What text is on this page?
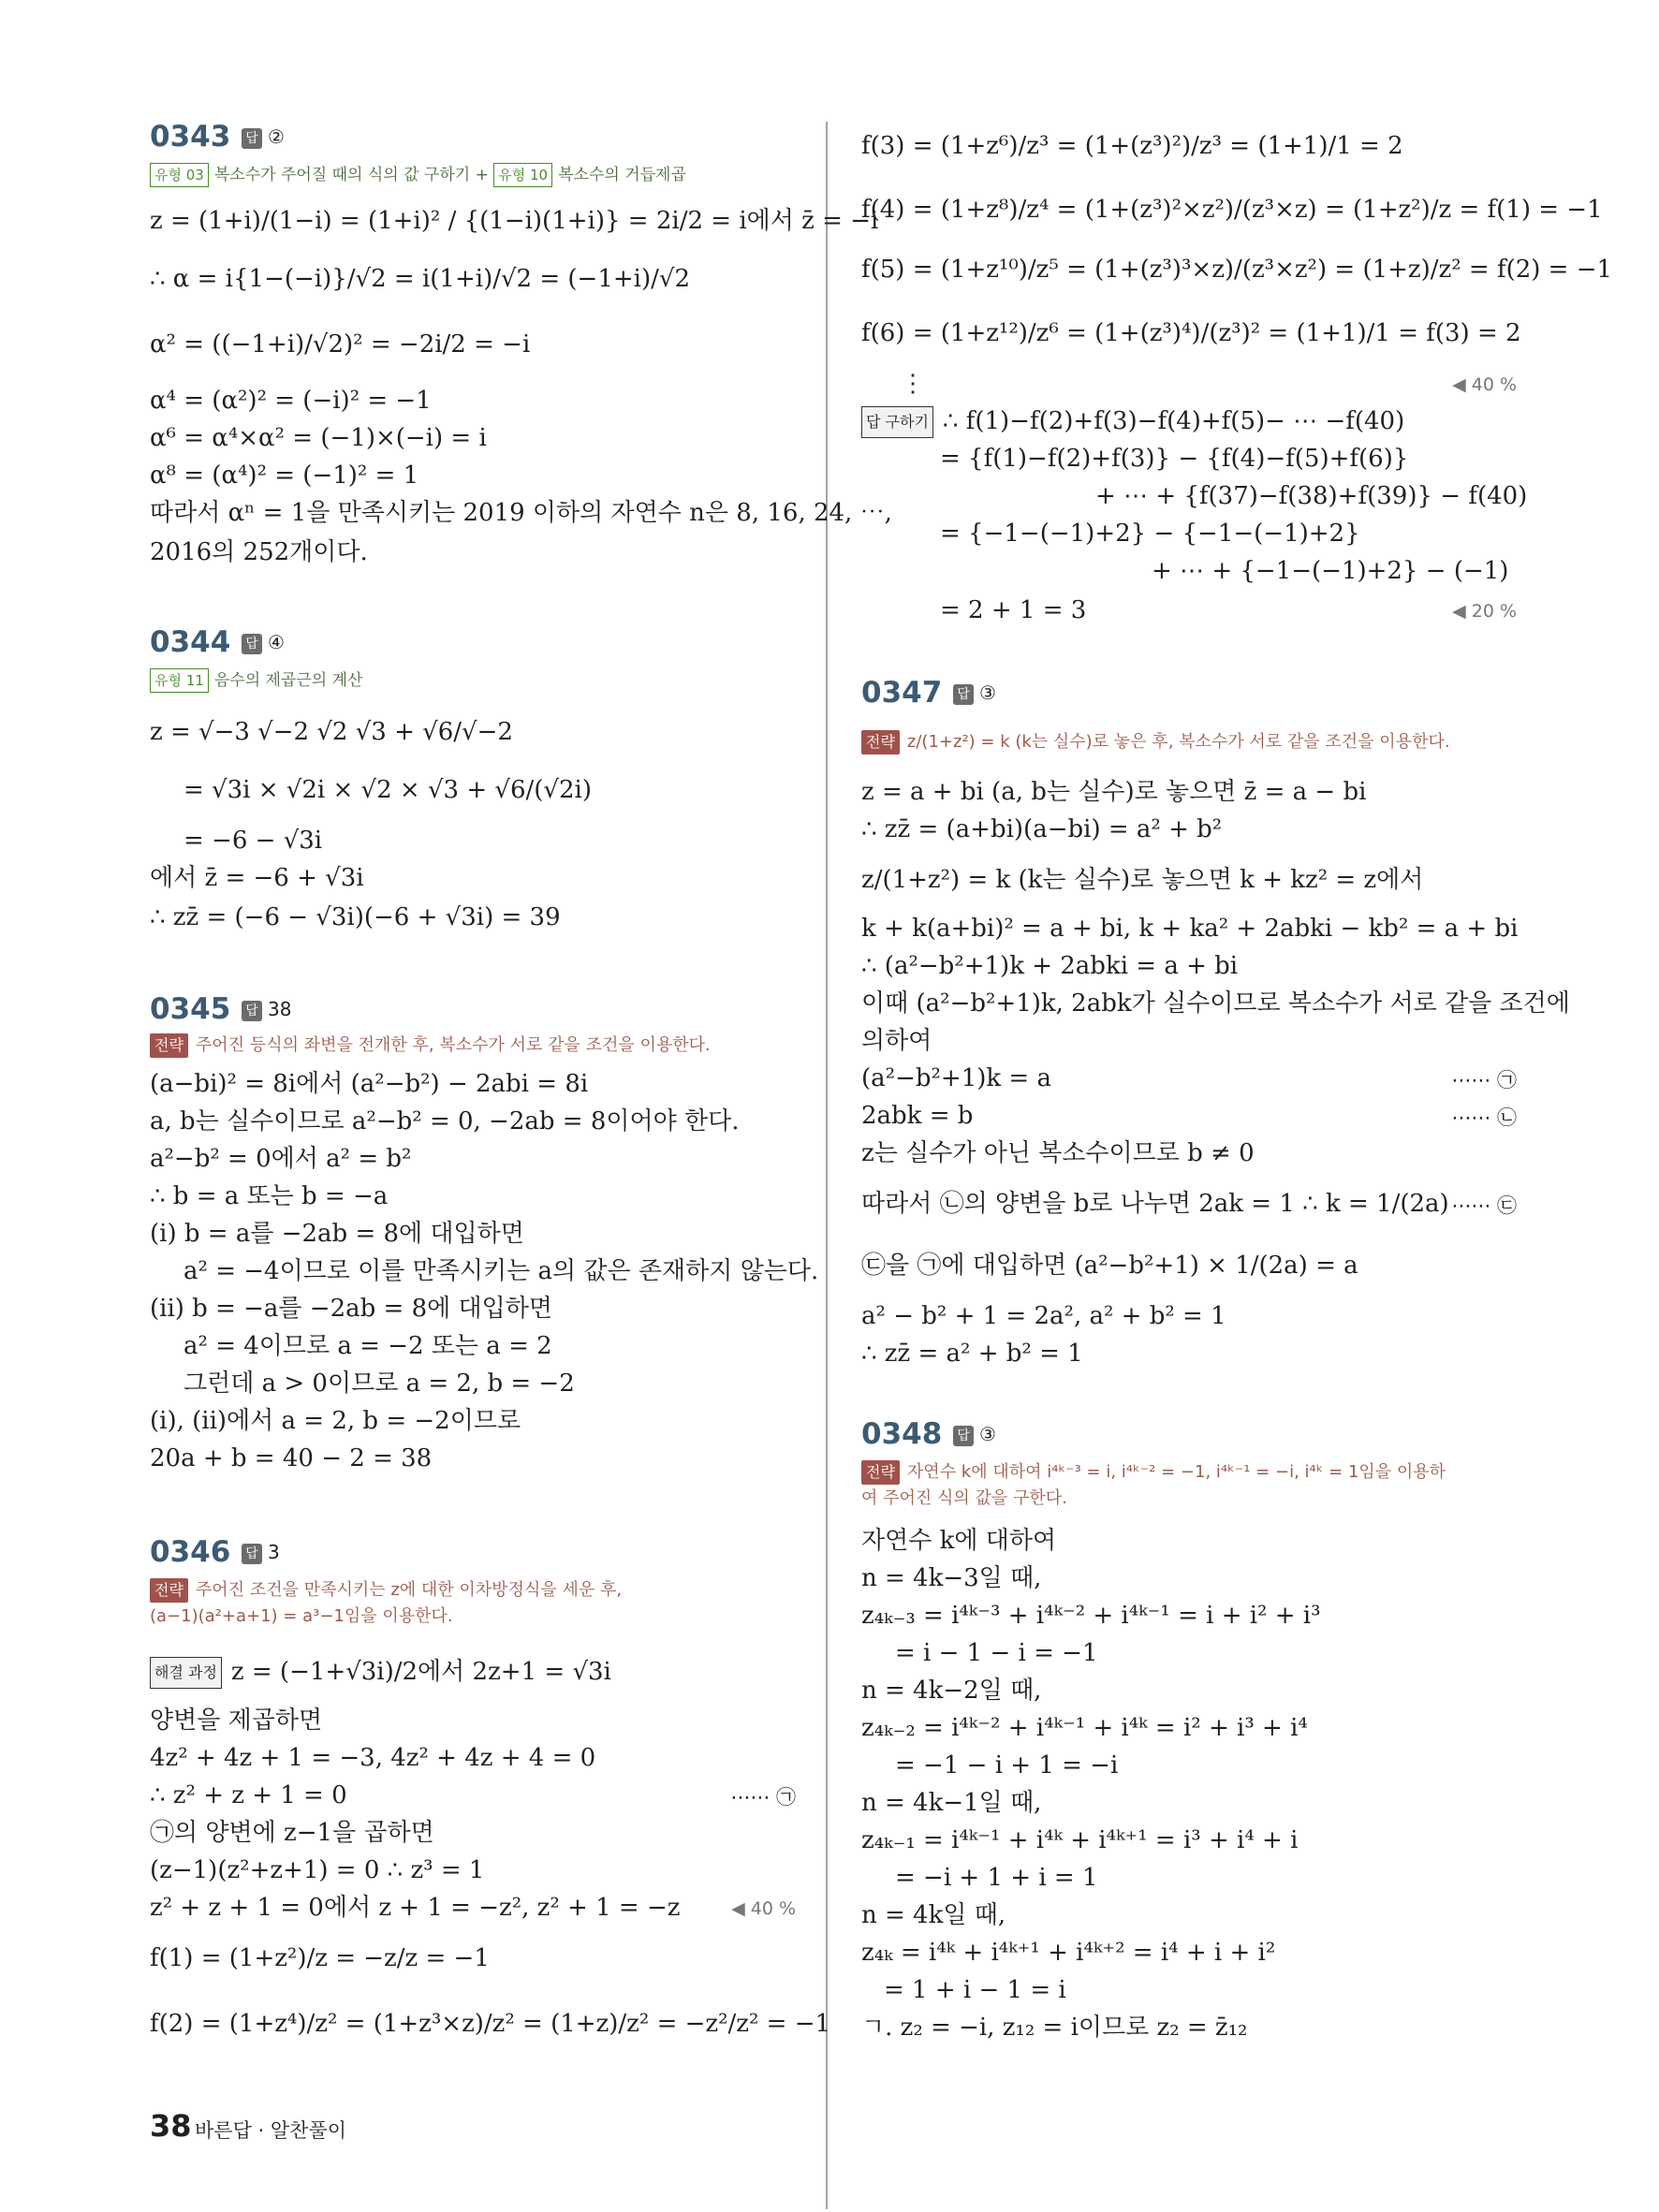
0343	답 ②
유형 03 복소수가 주어질 때의 식의 값 구하기 + 유형 10 복소수의 거듭제곱
z = (1+i)/(1−i) = (1+i)² / {(1−i)(1+i)} = 2i/2 = i에서 z̄ = −i
∴ α = i{1−(−i)}/√2 = i(1+i)/√2 = (−1+i)/√2
α² = ((−1+i)/√2)² = −2i/2 = −i
α⁴ = (α²)² = (−i)² = −1
α⁶ = α⁴×α² = (−1)×(−i) = i
α⁸ = (α⁴)² = (−1)² = 1
따라서 αⁿ = 1을 만족시키는 2019 이하의 자연수 n은 8, 16, 24, ⋯,
2016의 252개이다.
0344	답 ④
유형 11 음수의 제곱근의 계산
z = √−3 √−2 √2 √3 + √6/√−2
= √3i × √2i × √2 × √3 + √6/(√2i)
= −6 − √3i
에서 z̄ = −6 + √3i
∴ zz̄ = (−6 − √3i)(−6 + √3i) = 39
0345	답 38
전략 주어진 등식의 좌변을 전개한 후, 복소수가 서로 같을 조건을 이용한다.
(a−bi)² = 8i에서 (a²−b²) − 2abi = 8i
a, b는 실수이므로 a²−b² = 0, −2ab = 8이어야 한다.
a²−b² = 0에서 a² = b²
∴ b = a 또는 b = −a
(i) b = a를 −2ab = 8에 대입하면
a² = −4이므로 이를 만족시키는 a의 값은 존재하지 않는다.
(ii) b = −a를 −2ab = 8에 대입하면
a² = 4이므로 a = −2 또는 a = 2
그런데 a > 0이므로 a = 2, b = −2
(i), (ii)에서 a = 2, b = −2이므로
20a + b = 40 − 2 = 38
0346	답 3
전략 주어진 조건을 만족시키는 z에 대한 이차방정식을 세운 후,
(a−1)(a²+a+1) = a³−1임을 이용한다.
해결 과정 z = (−1+√3i)/2에서 2z+1 = √3i
양변을 제곱하면
4z² + 4z + 1 = −3, 4z² + 4z + 4 = 0
∴ z² + z + 1 = 0	⋯⋯ ㉠
㉠의 양변에 z−1을 곱하면
(z−1)(z²+z+1) = 0 ∴ z³ = 1
z² + z + 1 = 0에서 z + 1 = −z², z² + 1 = −z	◀ 40 %
f(1) = (1+z²)/z = −z/z = −1
f(2) = (1+z⁴)/z² = (1+z³×z)/z² = (1+z)/z² = −z²/z² = −1
f(3) = (1+z⁶)/z³ = (1+(z³)²)/z³ = (1+1)/1 = 2
f(4) = (1+z⁸)/z⁴ = (1+(z³)²×z²)/(z³×z) = (1+z²)/z = f(1) = −1
f(5) = (1+z¹⁰)/z⁵ = (1+(z³)³×z)/(z³×z²) = (1+z)/z² = f(2) = −1
f(6) = (1+z¹²)/z⁶ = (1+(z³)⁴)/(z³)² = (1+1)/1 = f(3) = 2
⋮	◀ 40 %
답 구하기 ∴ f(1)−f(2)+f(3)−f(4)+f(5)− ⋯ −f(40)
= {f(1)−f(2)+f(3)} − {f(4)−f(5)+f(6)}
+ ⋯ + {f(37)−f(38)+f(39)} − f(40)
= {−1−(−1)+2} − {−1−(−1)+2}
+ ⋯ + {−1−(−1)+2} − (−1)
= 2 + 1 = 3	◀ 20 %
0347	답 ③
전략 z/(1+z²) = k (k는 실수)로 놓은 후, 복소수가 서로 같을 조건을 이용한다.
z = a + bi (a, b는 실수)로 놓으면 z̄ = a − bi
∴ zz̄ = (a+bi)(a−bi) = a² + b²
z/(1+z²) = k (k는 실수)로 놓으면 k + kz² = z에서
k + k(a+bi)² = a + bi, k + ka² + 2abki − kb² = a + bi
∴ (a²−b²+1)k + 2abki = a + bi
이때 (a²−b²+1)k, 2abk가 실수이므로 복소수가 서로 같을 조건에
의하여
(a²−b²+1)k = a	⋯⋯ ㉠
2abk = b	⋯⋯ ㉡
z는 실수가 아닌 복소수이므로 b ≠ 0
따라서 ㉡의 양변을 b로 나누면 2ak = 1 ∴ k = 1/(2a) ⋯⋯ ㉢
㉢을 ㉠에 대입하면 (a²−b²+1) × 1/(2a) = a
a² − b² + 1 = 2a², a² + b² = 1
∴ zz̄ = a² + b² = 1
0348	답 ③
전략 자연수 k에 대하여 i⁴ᵏ⁻³ = i, i⁴ᵏ⁻² = −1, i⁴ᵏ⁻¹ = −i, i⁴ᵏ = 1임을 이용하
여 주어진 식의 값을 구한다.
자연수 k에 대하여
n = 4k−3일 때,
z₄ₖ₋₃ = i⁴ᵏ⁻³ + i⁴ᵏ⁻² + i⁴ᵏ⁻¹ = i + i² + i³
= i − 1 − i = −1
n = 4k−2일 때,
z₄ₖ₋₂ = i⁴ᵏ⁻² + i⁴ᵏ⁻¹ + i⁴ᵏ = i² + i³ + i⁴
= −1 − i + 1 = −i
n = 4k−1일 때,
z₄ₖ₋₁ = i⁴ᵏ⁻¹ + i⁴ᵏ + i⁴ᵏ⁺¹ = i³ + i⁴ + i
= −i + 1 + i = 1
n = 4k일 때,
z₄ₖ = i⁴ᵏ + i⁴ᵏ⁺¹ + i⁴ᵏ⁺² = i⁴ + i + i²
= 1 + i − 1 = i
ㄱ. z₂ = −i, z₁₂ = i이므로 z₂ = z̄₁₂
38 바른답 · 알찬풀이
